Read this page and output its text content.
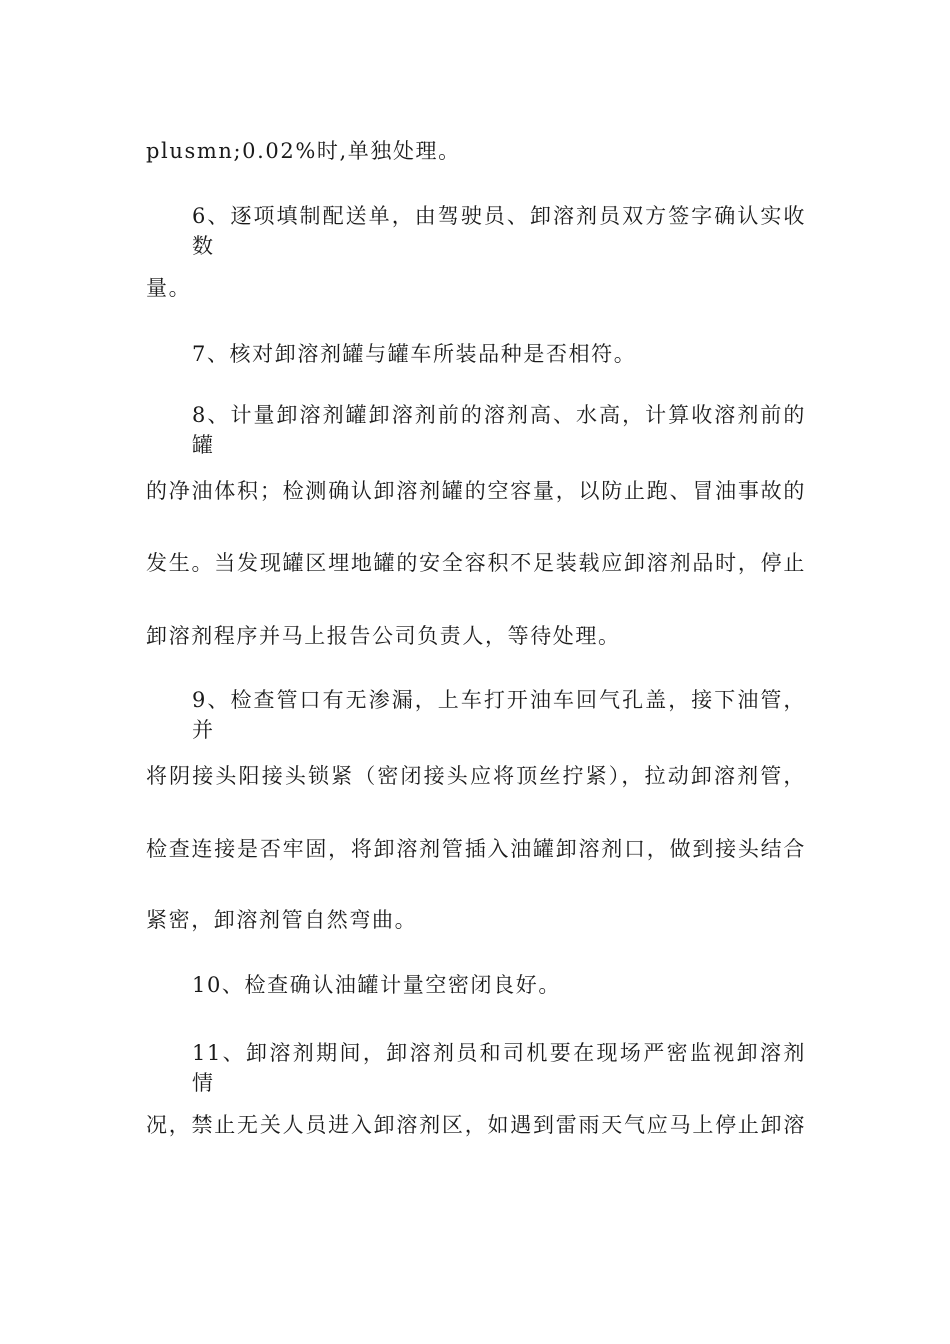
plusmn;0.02%时,单独处理。
6、逐项填制配送单，由驾驶员、卸溶剂员双方签字确认实收数
量。
7、核对卸溶剂罐与罐车所装品种是否相符。
8、计量卸溶剂罐卸溶剂前的溶剂高、水高，计算收溶剂前的罐
的净油体积；检测确认卸溶剂罐的空容量，以防止跑、冒油事故的
发生。当发现罐区埋地罐的安全容积不足装载应卸溶剂品时，停止
卸溶剂程序并马上报告公司负责人，等待处理。
9、检查管口有无渗漏，上车打开油车回气孔盖，接下油管，并
将阴接头阳接头锁紧（密闭接头应将顶丝拧紧），拉动卸溶剂管，
检查连接是否牢固，将卸溶剂管插入油罐卸溶剂口，做到接头结合
紧密，卸溶剂管自然弯曲。
10、检查确认油罐计量空密闭良好。
11、卸溶剂期间，卸溶剂员和司机要在现场严密监视卸溶剂情
况，禁止无关人员进入卸溶剂区，如遇到雷雨天气应马上停止卸溶
